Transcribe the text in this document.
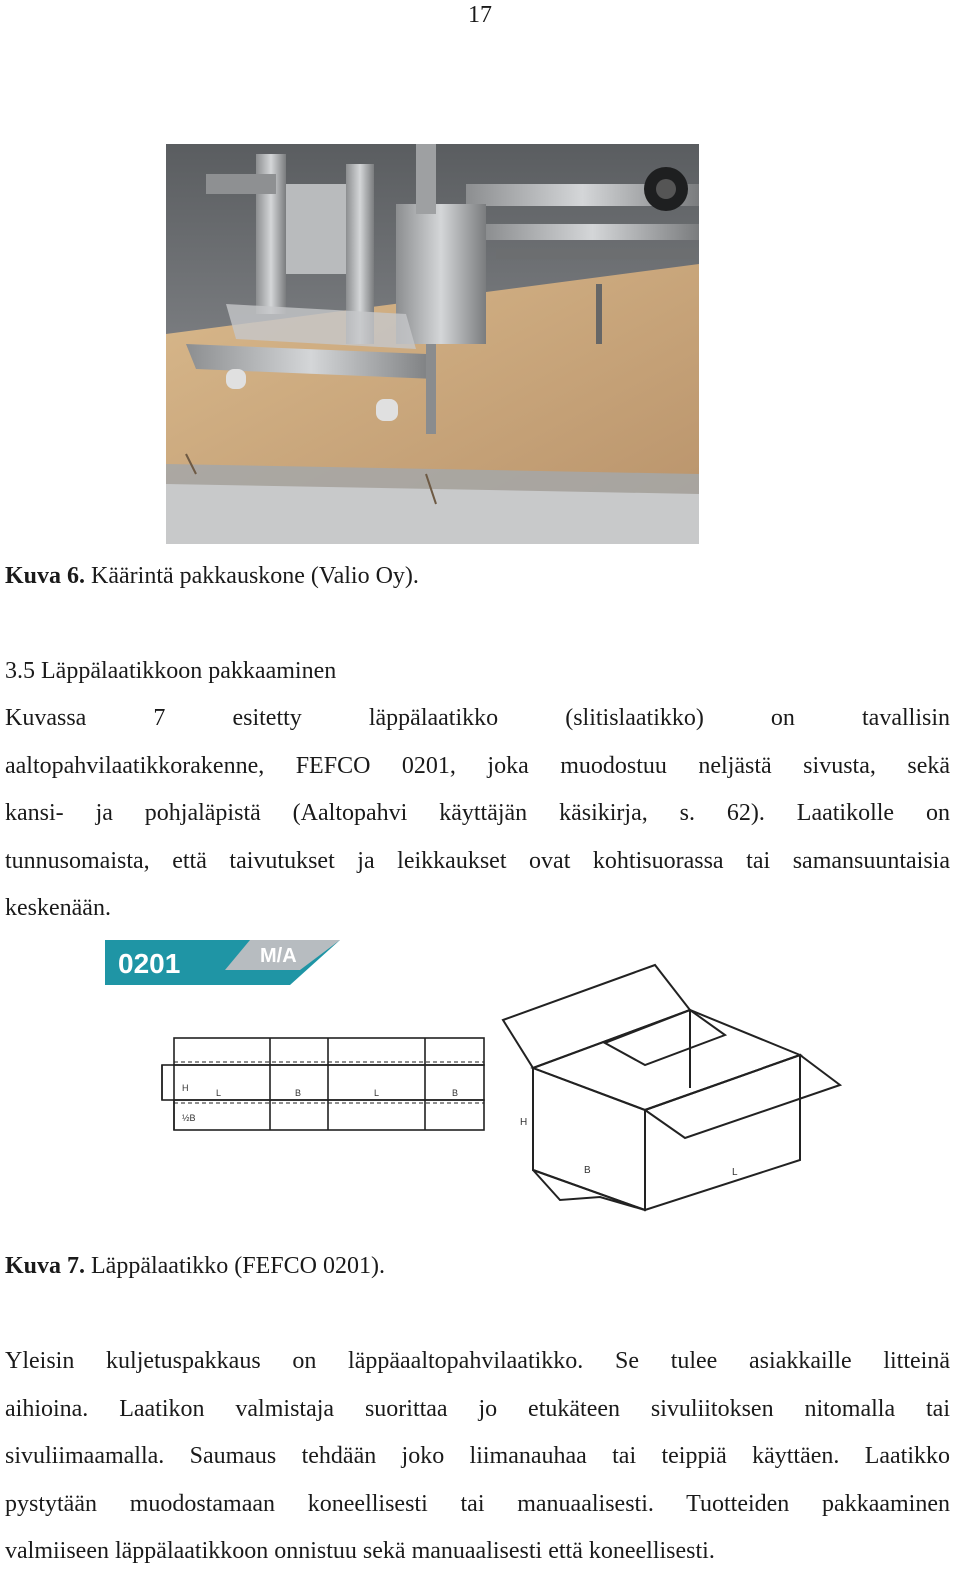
17
Kuva 6. Käärintä pakkauskone (Valio Oy).
3.5 Läppälaatikkoon pakkaaminen
Kuvassa 7 esitetty läppälaatikko (slitislaatikko) on tavallisin
aaltopahvilaatikkorakenne, FEFCO 0201, joka muodostuu neljästä sivusta, sekä
kansi- ja pohjaläpistä (Aaltopahvi käyttäjän käsikirja, s. 62). Laatikolle on
tunnusomaista, että taivutukset ja leikkaukset ovat kohtisuorassa tai samansuuntaisia
keskenään.
0201	M/A
H
½B
L	B	L	B
H
B	L
Kuva 7. Läppälaatikko (FEFCO 0201).
Yleisin kuljetuspakkaus on läppäaaltopahvilaatikko. Se tulee asiakkaille litteinä
aihioina. Laatikon valmistaja suorittaa jo etukäteen sivuliitoksen nitomalla tai
sivuliimaamalla. Saumaus tehdään joko liimanauhaa tai teippiä käyttäen. Laatikko
pystytään muodostamaan koneellisesti tai manuaalisesti. Tuotteiden pakkaaminen
valmiiseen läppälaatikkoon onnistuu sekä manuaalisesti että koneellisesti.
